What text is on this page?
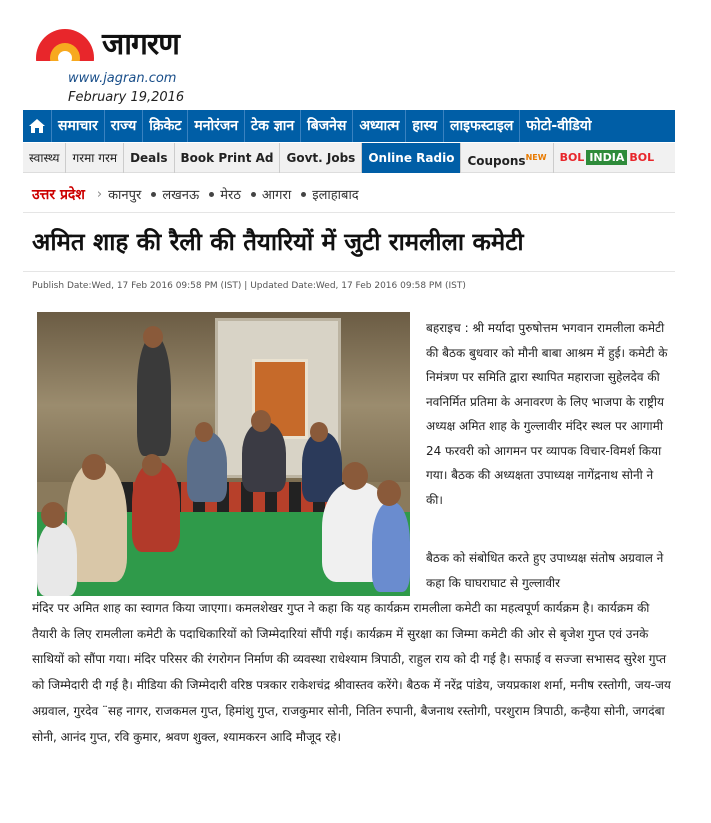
जागरण
www.jagran.com
February 19,2016
समाचार राज्य क्रिकेट मनोरंजन टेक ज्ञान बिजनेस अध्यात्म हास्य लाइफस्टाइल फोटो-वीडियो
स्वास्थ्य	गरमा गरम	Deals	Book Print Ad	Govt. Jobs	Online Radio	Coupons$^{NEW}$	BOL INDIA BOL
उत्तर प्रदेश › कानपुर लखनऊ मेरठ आगरा इलाहाबाद
अमित शाह की रैली की तैयारियों में जुटी रामलीला कमेटी
Publish Date:Wed, 17 Feb 2016 09:58 PM (IST) | Updated Date:Wed, 17 Feb 2016 09:58 PM (IST)

बहराइच : श्री मर्यादा पुरुषोत्तम भगवान रामलीला कमेटी की बैठक बुधवार को मौनी बाबा आश्रम में हुई। कमेटी के निमंत्रण पर समिति द्वारा स्थापित महाराजा सुहेलदेव की नवनिर्मित प्रतिमा के अनावरण के लिए भाजपा के राष्ट्रीय अध्यक्ष अमित शाह के गुल्लावीर मंदिर स्थल पर आगामी 24 फरवरी को आगमन पर व्यापक विचार-विमर्श किया गया। बैठक की अध्यक्षता उपाध्यक्ष नागेंद्रनाथ सोनी ने की।

बैठक को संबोधित करते हुए उपाध्यक्ष संतोष अग्रवाल ने कहा कि घाघराघाट से गुल्लावीर

मंदिर पर अमित शाह का स्वागत किया जाएगा। कमलशेखर गुप्त ने कहा कि यह कार्यक्रम रामलीला कमेटी का महत्वपूर्ण कार्यक्रम है। कार्यक्रम की तैयारी के लिए रामलीला कमेटी के पदाधिकारियों को जिम्मेदारियां सौंपी गई। कार्यक्रम में सुरक्षा का जिम्मा कमेटी की ओर से बृजेश गुप्त एवं उनके साथियों को सौंपा गया। मंदिर परिसर की रंगरोगन निर्माण की व्यवस्था राधेश्याम त्रिपाठी, राहुल राय को दी गई है। सफाई व सज्जा सभासद सुरेश गुप्त को जिम्मेदारी दी गई है। मीडिया की जिम्मेदारी वरिष्ठ पत्रकार राकेशचंद्र श्रीवास्तव करेंगे। बैठक में नरेंद्र पांडेय, जयप्रकाश शर्मा, मनीष रस्तोगी, जय-जय अग्रवाल, गुरदेव ¨सह नागर, राजकमल गुप्त, हिमांशु गुप्त, राजकुमार सोनी, नितिन रुपानी, बैजनाथ रस्तोगी, परशुराम त्रिपाठी, कन्हैया सोनी, जगदंबा सोनी, आनंद गुप्त, रवि कुमार, श्रवण शुक्ल, श्यामकरन आदि मौजूद रहे।
